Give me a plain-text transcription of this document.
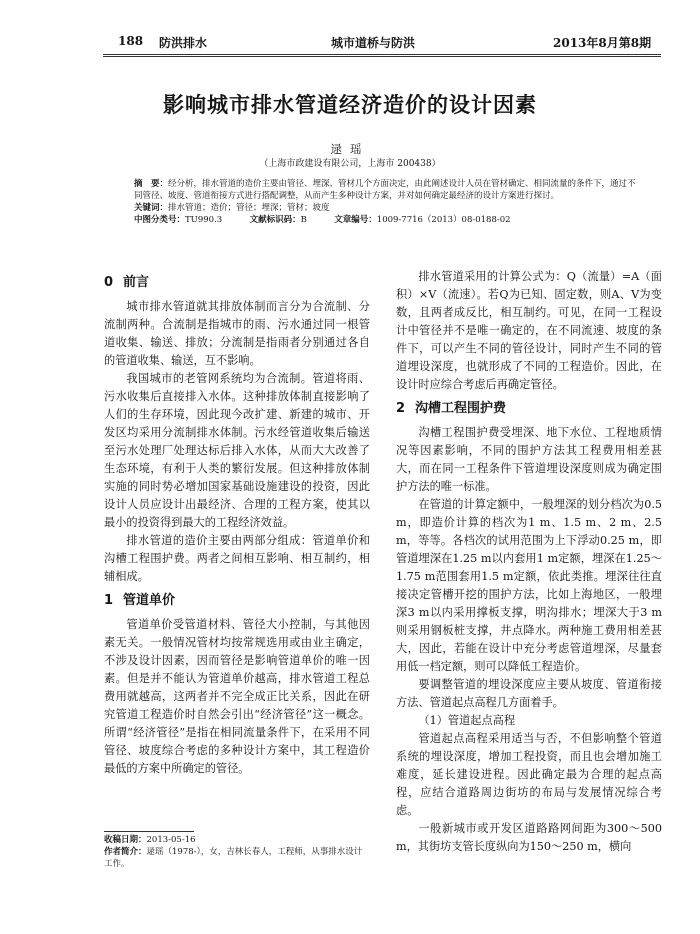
188 防洪排水	城市道桥与防洪	2013年8月第8期
影响城市排水管道经济造价的设计因素
逯瑶
（上海市政建设有限公司，上海市 200438）

摘　要：经分析，排水管道的造价主要由管径、埋深、管材几个方面决定，由此阐述设计人员在管材确定、相同流量的条件下，通过不同管径、坡度、管道衔接方式进行搭配调整，从而产生多种设计方案，并对如何确定最经济的设计方案进行探讨。

关键词：排水管道；造价；管径；埋深；管材；坡度

中图分类号：TU990.3	文献标识码：B	文章编号：1009-7716（2013）08-0188-02

0 前言

城市排水管道就其排放体制而言分为合流制、分流制两种。合流制是指城市的雨、污水通过同一根管道收集、输送、排放；分流制是指雨者分别通过各自的管道收集、输送，互不影响。

我国城市的老管网系统均为合流制。管道将雨、污水收集后直接排入水体。这种排放体制直接影响了人们的生存环境，因此现今改扩建、新建的城市、开发区均采用分流制排水体制。污水经管道收集后输送至污水处理厂处理达标后排入水体，从而大大改善了生态环境，有利于人类的繁衍发展。但这种排放体制实施的同时势必增加国家基础设施建设的投资，因此设计人员应设计出最经济、合理的工程方案，使其以最小的投资得到最大的工程经济效益。

排水管道的造价主要由两部分组成：管道单价和沟槽工程围护费。两者之间相互影响、相互制约，相辅相成。

1 管道单价

管道单价受管道材料、管径大小控制，与其他因素无关。一般情况管材均按常规选用或由业主确定，不涉及设计因素，因而管径是影响管道单价的唯一因素。但是并不能认为管道单价越高，排水管道工程总费用就越高，这两者并不完全成正比关系，因此在研究管道工程造价时自然会引出“经济管径”这一概念。所谓“经济管径”是指在相同流量条件下，在采用不同管径、坡度综合考虑的多种设计方案中，其工程造价最低的方案中所确定的管径。

排水管道采用的计算公式为：Q（流量）=A（面积）×V（流速）。若Q为已知、固定数，则A、V为变数，且两者成反比，相互制约。可见，在同一工程设计中管径并不是唯一确定的，在不同流速、坡度的条件下，可以产生不同的管径设计，同时产生不同的管道埋设深度，也就形成了不同的工程造价。因此，在设计时应综合考虑后再确定管径。

2 沟槽工程围护费

沟槽工程围护费受埋深、地下水位、工程地质情况等因素影响，不同的围护方法其工程费用相差甚大，而在同一工程条件下管道埋设深度则成为确定围护方法的唯一标准。

在管道的计算定额中，一般埋深的划分档次为0.5 m，即造价计算的档次为1 m、1.5 m、2 m、2.5 m，等等。各档次的试用范围为上下浮动0.25 m，即管道埋深在1.25 m以内套用1 m定额，埋深在1.25～1.75 m范围套用1.5 m定额，依此类推。埋深往往直接决定管槽开挖的围护方法，比如上海地区，一般埋深3 m以内采用撑板支撑，明沟排水；埋深大于3 m则采用钢板桩支撑，井点降水。两种施工费用相差甚大，因此，若能在设计中充分考虑管道埋深，尽量套用低一档定额，则可以降低工程造价。

要调整管道的埋设深度应主要从坡度、管道衔接方法、管道起点高程几方面着手。

（1）管道起点高程

管道起点高程采用适当与否，不但影响整个管道系统的埋设深度，增加工程投资，而且也会增加施工难度，延长建设进程。因此确定最为合理的起点高程，应结合道路周边街坊的布局与发展情况综合考虑。

一般新城市或开发区道路路网间距为300～500 m，其街坊支管长度纵向为150～250 m，横向

收稿日期：2013-05-16

作者简介：逯瑶（1978-），女，吉林长春人，工程师，从事排水设计工作。
